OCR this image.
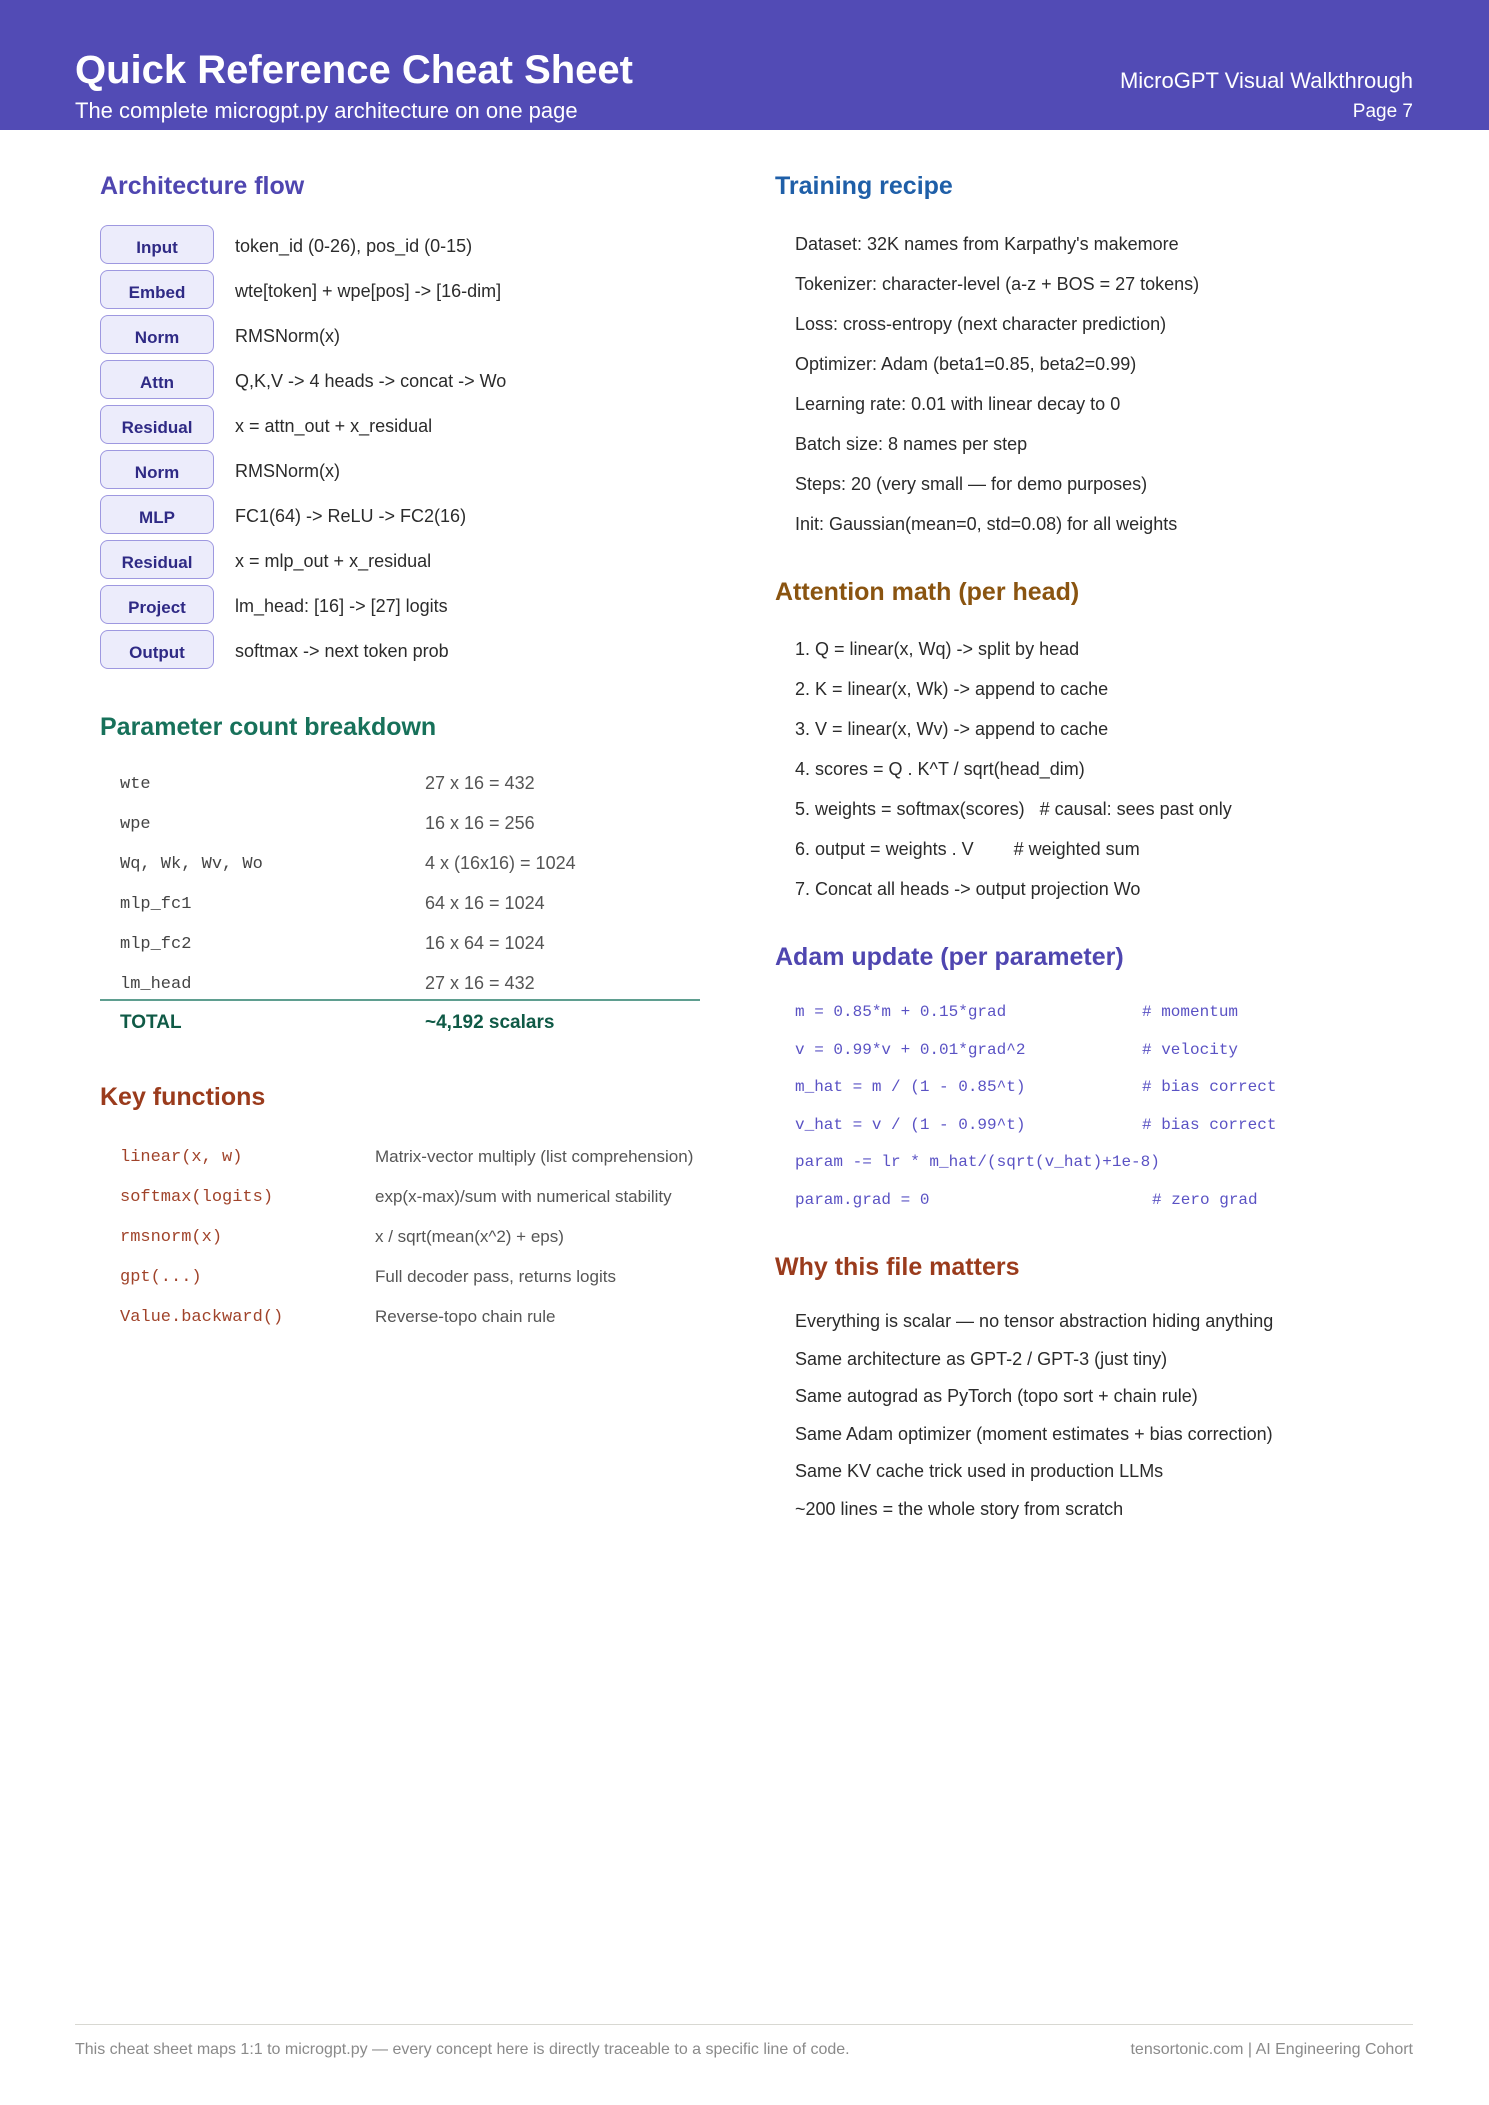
Quick Reference Cheat Sheet
The complete microgpt.py architecture on one page
MicroGPT Visual Walkthrough
Page 7
Architecture flow
Input	token_id (0-26), pos_id (0-15)
Embed	wte[token] + wpe[pos] -> [16-dim]
Norm	RMSNorm(x)
Attn	Q,K,V -> 4 heads -> concat -> Wo
Residual	x = attn_out + x_residual
Norm	RMSNorm(x)
MLP	FC1(64) -> ReLU -> FC2(16)
Residual	x = mlp_out + x_residual
Project	lm_head: [16] -> [27] logits
Output	softmax -> next token prob
Parameter count breakdown
wte	27 x 16 = 432
wpe	16 x 16 = 256
Wq, Wk, Wv, Wo	4 x (16x16) = 1024
mlp_fc1	64 x 16 = 1024
mlp_fc2	16 x 64 = 1024
lm_head	27 x 16 = 432
TOTAL	~4,192 scalars
Key functions
linear(x, w)	Matrix-vector multiply (list comprehension)
softmax(logits)	exp(x-max)/sum with numerical stability
rmsnorm(x)	x / sqrt(mean(x^2) + eps)
gpt(...)	Full decoder pass, returns logits
Value.backward()	Reverse-topo chain rule
Training recipe
Dataset: 32K names from Karpathy's makemore
Tokenizer: character-level (a-z + BOS = 27 tokens)
Loss: cross-entropy (next character prediction)
Optimizer: Adam (beta1=0.85, beta2=0.99)
Learning rate: 0.01 with linear decay to 0
Batch size: 8 names per step
Steps: 20 (very small — for demo purposes)
Init: Gaussian(mean=0, std=0.08) for all weights
Attention math (per head)
1. Q = linear(x, Wq) -> split by head
2. K = linear(x, Wk) -> append to cache
3. V = linear(x, Wv) -> append to cache
4. scores = Q . K^T / sqrt(head_dim)
5. weights = softmax(scores)   # causal: sees past only
6. output = weights . V        # weighted sum
7. Concat all heads -> output projection Wo
Adam update (per parameter)
m = 0.85*m + 0.15*grad	# momentum
v = 0.99*v + 0.01*grad^2	# velocity
m_hat = m / (1 - 0.85^t)	# bias correct
v_hat = v / (1 - 0.99^t)	# bias correct
param -= lr * m_hat/(sqrt(v_hat)+1e-8)
param.grad = 0	# zero grad
Why this file matters
Everything is scalar — no tensor abstraction hiding anything
Same architecture as GPT-2 / GPT-3 (just tiny)
Same autograd as PyTorch (topo sort + chain rule)
Same Adam optimizer (moment estimates + bias correction)
Same KV cache trick used in production LLMs
~200 lines = the whole story from scratch
This cheat sheet maps 1:1 to microgpt.py — every concept here is directly traceable to a specific line of code.	tensortonic.com | AI Engineering Cohort
